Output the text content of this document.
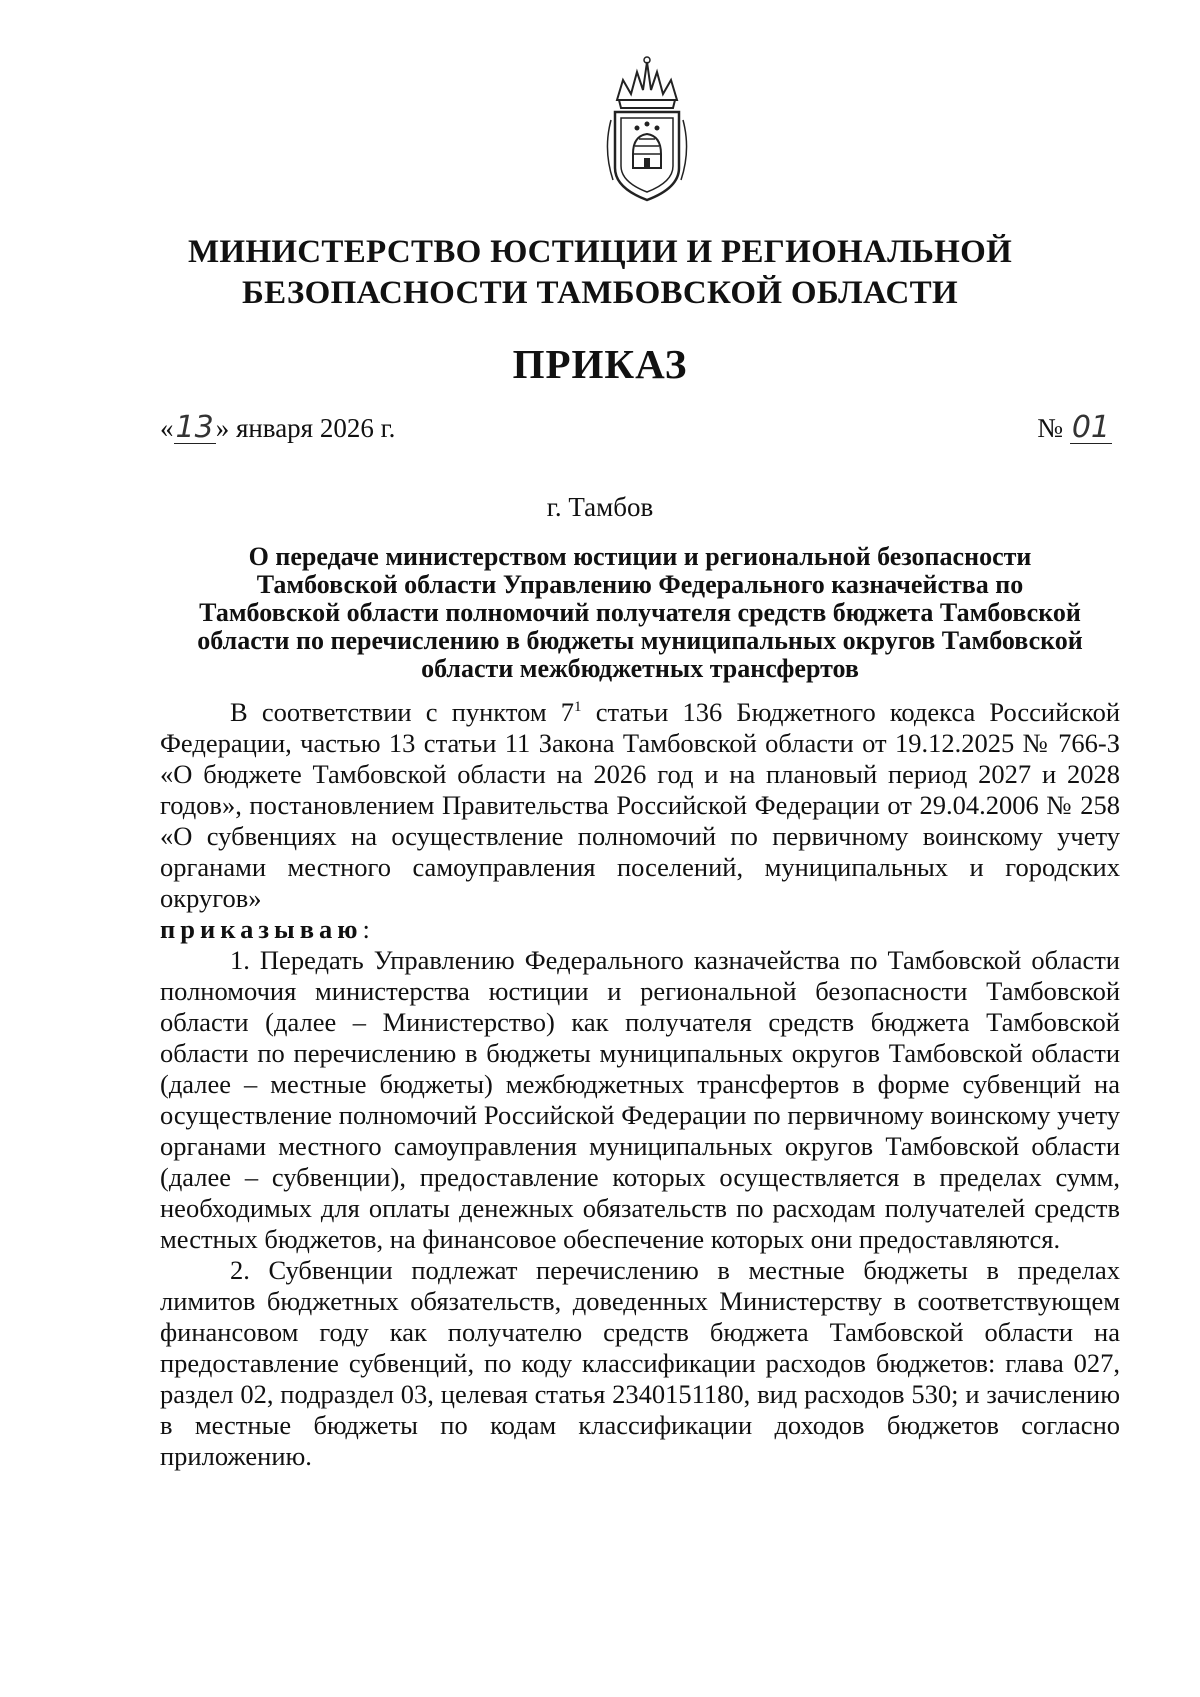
МИНИСТЕРСТВО ЮСТИЦИИ И РЕГИОНАЛЬНОЙ
БЕЗОПАСНОСТИ ТАМБОВСКОЙ ОБЛАСТИ
ПРИКАЗ
«13» января 2026 г.	№ 01
г. Тамбов
О передаче министерством юстиции и региональной безопасности
Тамбовской области Управлению Федерального казначейства по
Тамбовской области полномочий получателя средств бюджета Тамбовской
области по перечислению в бюджеты муниципальных округов Тамбовской
области межбюджетных трансфертов

В соответствии с пунктом $7^1$ статьи 136 Бюджетного кодекса Российской Федерации, частью 13 статьи 11 Закона Тамбовской области от 19.12.2025 № 766-З «О бюджете Тамбовской области на 2026 год и на плановый период 2027 и 2028 годов», постановлением Правительства Российской Федерации от 29.04.2006 № 258 «О субвенциях на осуществление полномочий по первичному воинскому учету органами местного самоуправления поселений, муниципальных и городских округов»

приказываю:

1. Передать Управлению Федерального казначейства по Тамбовской области полномочия министерства юстиции и региональной безопасности Тамбовской области (далее – Министерство) как получателя средств бюджета Тамбовской области по перечислению в бюджеты муниципальных округов Тамбовской области (далее – местные бюджеты) межбюджетных трансфертов в форме субвенций на осуществление полномочий Российской Федерации по первичному воинскому учету органами местного самоуправления муниципальных округов Тамбовской области (далее – субвенции), предоставление которых осуществляется в пределах сумм, необходимых для оплаты денежных обязательств по расходам получателей средств местных бюджетов, на финансовое обеспечение которых они предоставляются.

2. Субвенции подлежат перечислению в местные бюджеты в пределах лимитов бюджетных обязательств, доведенных Министерству в соответствующем финансовом году как получателю средств бюджета Тамбовской области на предоставление субвенций, по коду классификации расходов бюджетов: глава 027, раздел 02, подраздел 03, целевая статья 2340151180, вид расходов 530; и зачислению в местные бюджеты по кодам классификации доходов бюджетов согласно приложению.
